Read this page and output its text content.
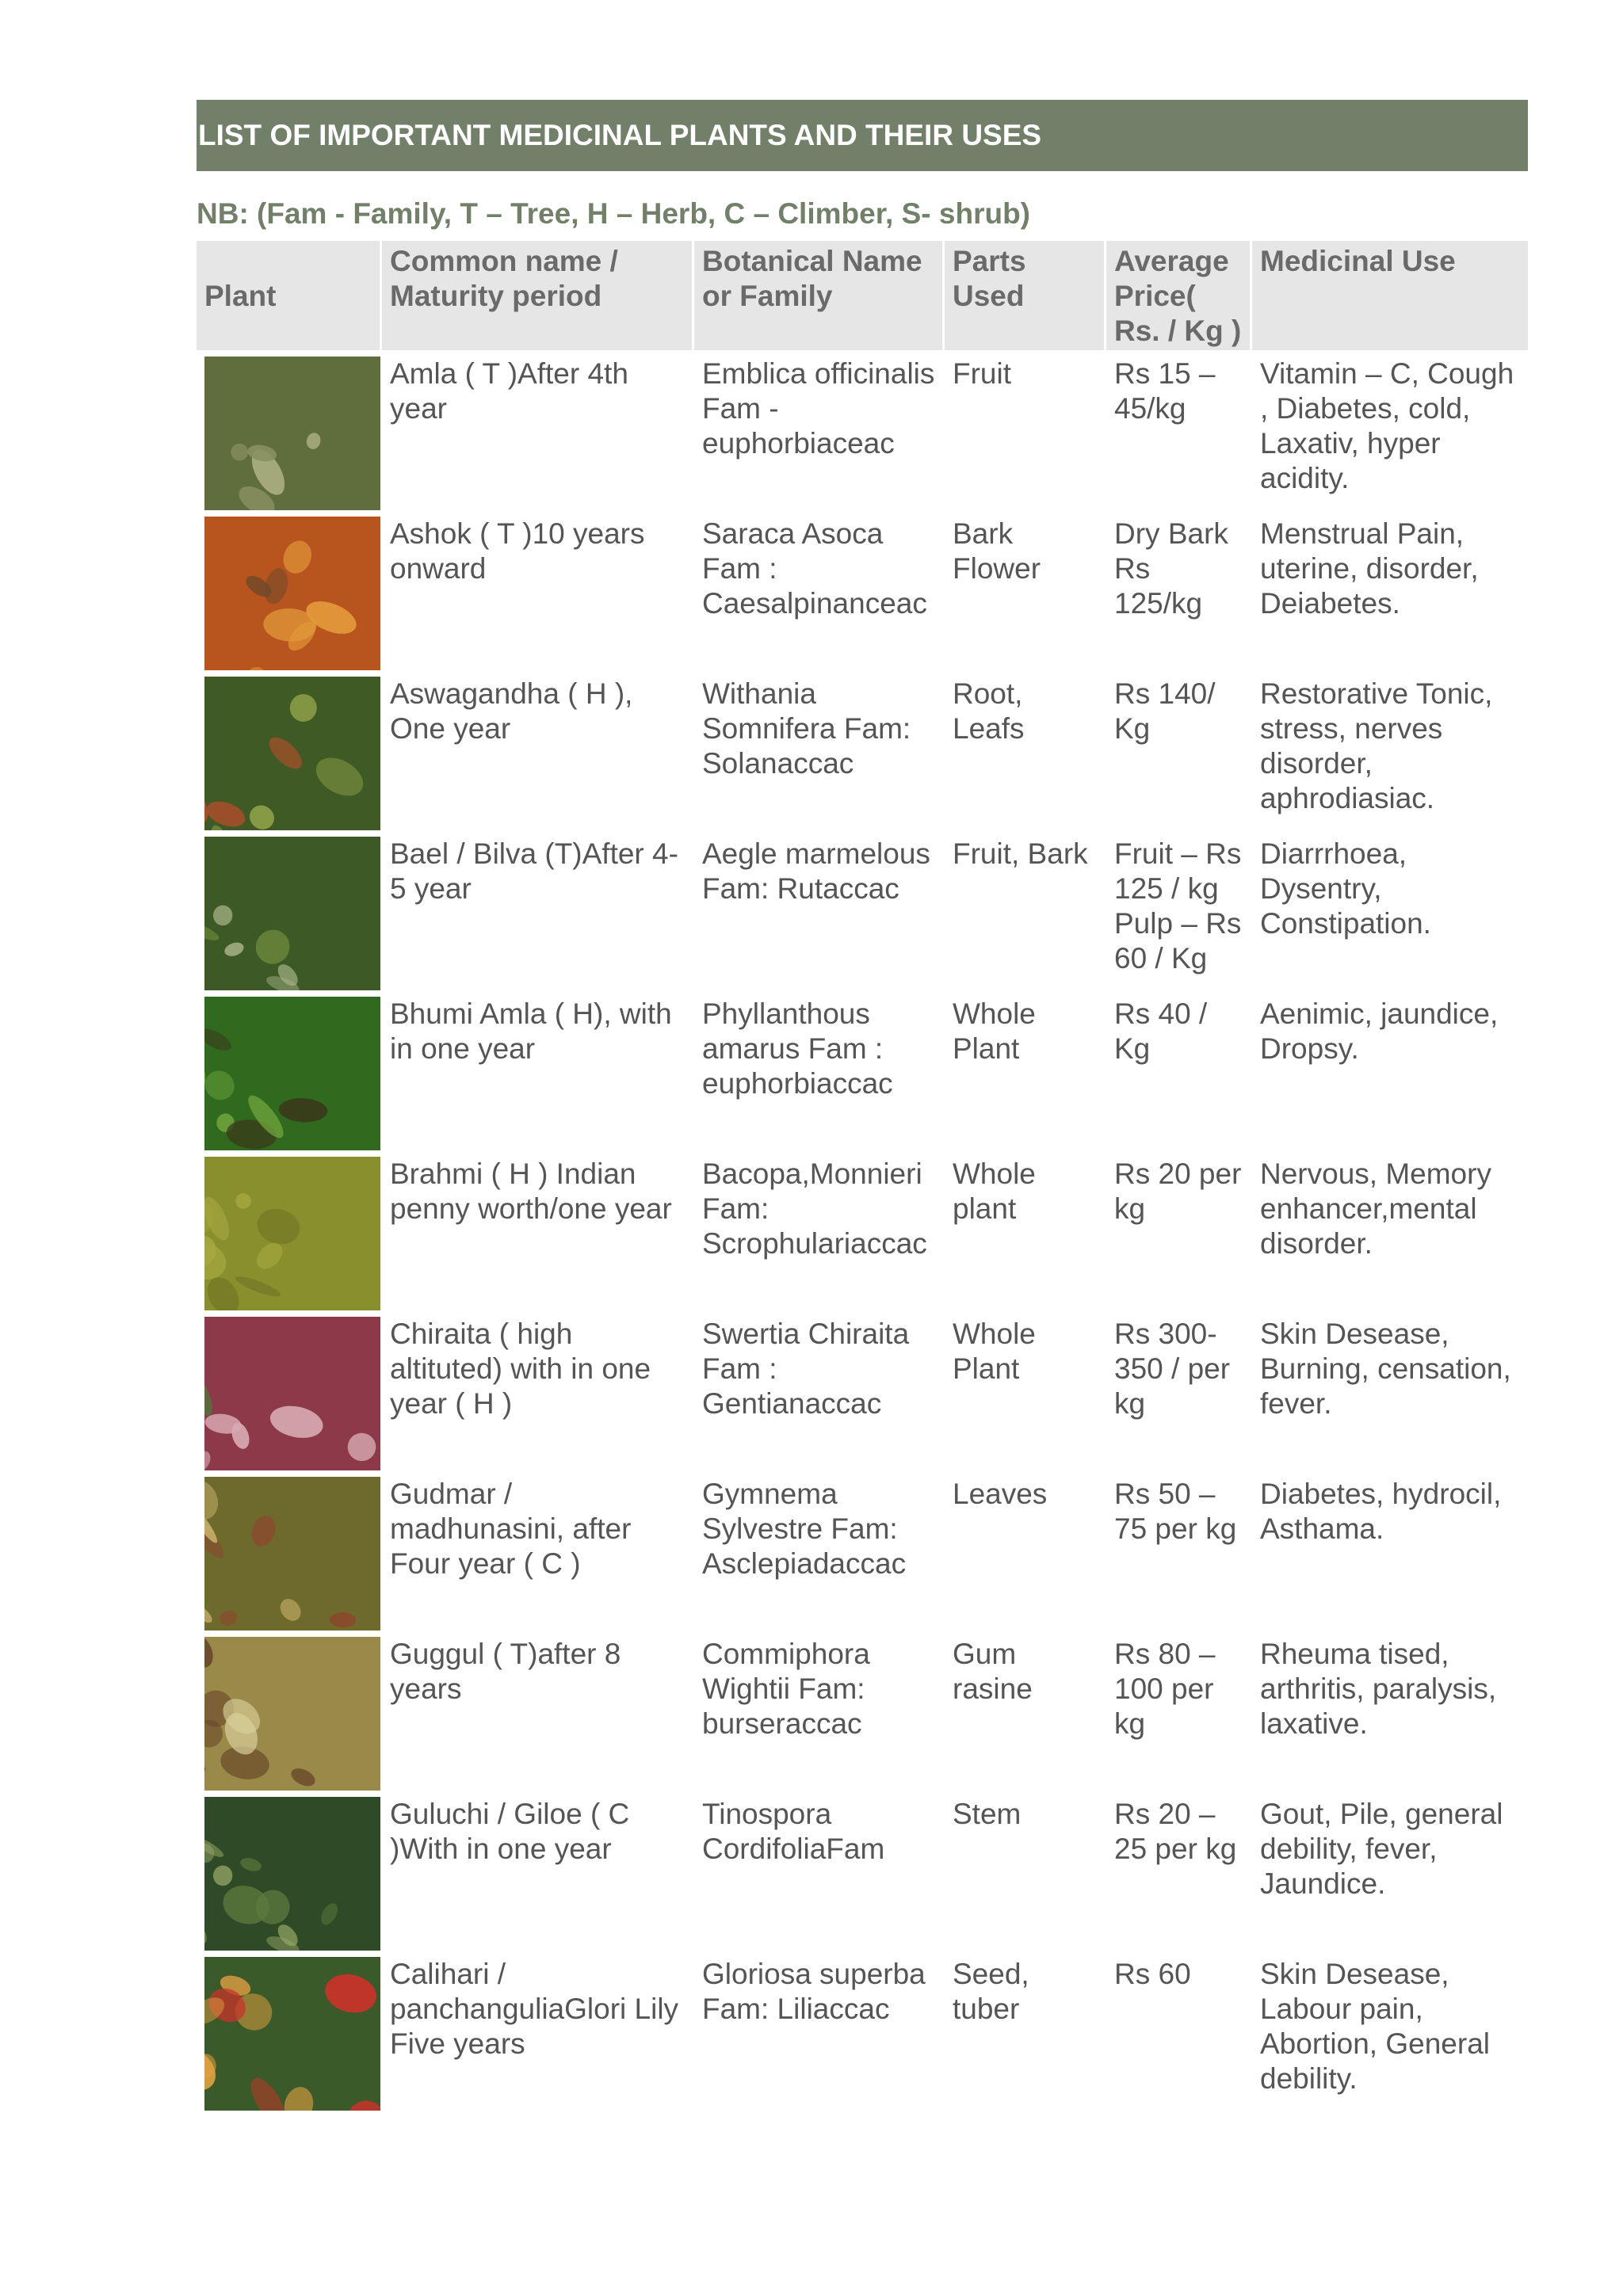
LIST OF IMPORTANT MEDICINAL PLANTS AND THEIR USES
NB: (Fam - Family, T – Tree, H – Herb, C – Climber, S- shrub)
Plant	Common name / Maturity period	Botanical Name or Family	Parts Used	Average Price( Rs. / Kg )	Medicinal Use

	Amla ( T )After 4th year	Emblica officinalis Fam - euphorbiaceac	Fruit	Rs 15 – 45/kg	Vitamin – C, Cough , Diabetes, cold, Laxativ, hyper acidity.

	Ashok ( T )10 years onward	Saraca Asoca Fam : Caesalpinanceac	Bark Flower	Dry Bark Rs 125/kg	Menstrual Pain, uterine, disorder, Deiabetes.

	Aswagandha ( H ), One year	Withania Somnifera Fam: Solanaccac	Root, Leafs	Rs 140/ Kg	Restorative Tonic, stress, nerves disorder, aphrodiasiac.

	Bael / Bilva (T)After 4-5 year	Aegle marmelous Fam: Rutaccac	Fruit, Bark	Fruit – Rs 125 / kg Pulp – Rs 60 / Kg	Diarrrhoea, Dysentry, Constipation.

	Bhumi Amla ( H), with in one year	Phyllanthous amarus Fam : euphorbiaccac	Whole Plant	Rs 40 / Kg	Aenimic, jaundice, Dropsy.

	Brahmi ( H ) Indian penny worth/one year	Bacopa,Monnieri Fam: Scrophulariaccac	Whole plant	Rs 20 per kg	Nervous, Memory enhancer,mental disorder.

	Chiraita ( high altituted) with in one year ( H )	Swertia Chiraita Fam : Gentianaccac	Whole Plant	Rs 300-350 / per kg	Skin Desease, Burning, censation, fever.

	Gudmar / madhunasini, after Four year ( C )	Gymnema Sylvestre Fam: Asclepiadaccac	Leaves	Rs 50 – 75 per kg	Diabetes, hydrocil, Asthama.

	Guggul ( T)after 8 years	Commiphora Wightii Fam: burseraccac	Gum rasine	Rs 80 – 100 per kg	Rheuma tised, arthritis, paralysis, laxative.

	Guluchi / Giloe ( C )With in one year	Tinospora CordifoliaFam	Stem	Rs 20 – 25 per kg	Gout, Pile, general debility, fever, Jaundice.

	Calihari / panchanguliaGlori Lily Five years	Gloriosa superba Fam: Liliaccac	Seed, tuber	Rs 60	Skin Desease, Labour pain, Abortion, General debility.
